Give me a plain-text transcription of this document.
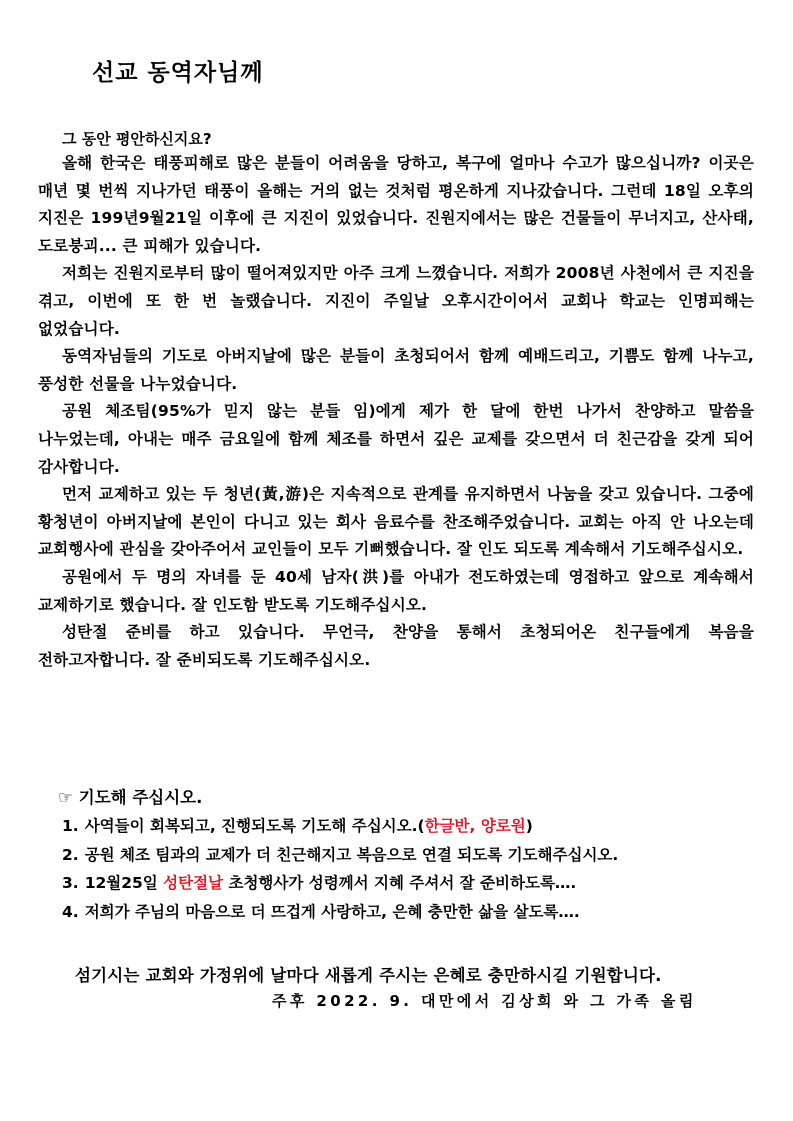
선교 동역자님께
그 동안 평안하신지요?

올해 한국은 태풍피해로 많은 분들이 어려움을 당하고, 복구에 얼마나 수고가 많으십니까? 이곳은 매년 몇 번씩 지나가던 태풍이 올해는 거의 없는 것처럼 평온하게 지나갔습니다. 그런데 18일 오후의 지진은 199년9월21일 이후에 큰 지진이 있었습니다. 진원지에서는 많은 건물들이 무너지고, 산사태, 도로붕괴... 큰 피해가 있습니다.

저희는 진원지로부터 많이 떨어져있지만 아주 크게 느꼈습니다. 저희가 2008년 사천에서 큰 지진을 겪고, 이번에 또 한 번 놀랬습니다. 지진이 주일날 오후시간이어서 교회나 학교는 인명피해는 없었습니다.

동역자님들의 기도로 아버지날에 많은 분들이 초청되어서 함께 예배드리고, 기쁨도 함께 나누고, 풍성한 선물을 나누었습니다.

공원 체조팀(95%가 믿지 않는 분들 임)에게 제가 한 달에 한번 나가서 찬양하고 말씀을 나누었는데, 아내는 매주 금요일에 함께 체조를 하면서 깊은 교제를 갖으면서 더 친근감을 갖게 되어 감사합니다.

먼저 교제하고 있는 두 청년(黃,游)은 지속적으로 관계를 유지하면서 나눔을 갖고 있습니다. 그중에 황청년이 아버지날에 본인이 다니고 있는 회사 음료수를 찬조해주었습니다. 교회는 아직 안 나오는데 교회행사에 관심을 갖아주어서 교인들이 모두 기뻐했습니다. 잘 인도 되도록 계속해서 기도해주십시오.

공원에서 두 명의 자녀를 둔 40세 남자(洪)를 아내가 전도하였는데 영접하고 앞으로 계속해서 교제하기로 했습니다. 잘 인도함 받도록 기도해주십시오.

성탄절 준비를 하고 있습니다. 무언극, 찬양을 통해서 초청되어온 친구들에게 복음을 전하고자합니다. 잘 준비되도록 기도해주십시오.

☞ 기도해 주십시오.
1. 사역들이 회복되고, 진행되도록 기도해 주십시오.(한글반, 양로원)
2. 공원 체조 팀과의 교제가 더 친근해지고 복음으로 연결 되도록 기도해주십시오.
3. 12월25일 성탄절날 초청행사가 성령께서 지혜 주셔서 잘 준비하도록….
4. 저희가 주님의 마음으로 더 뜨겁게 사랑하고, 은혜 충만한 삶을 살도록….
섬기시는 교회와 가정위에 날마다 새롭게 주시는 은혜로 충만하시길 기원합니다.
주후 2022. 9. 대만에서 김상희 와 그 가족 올림
